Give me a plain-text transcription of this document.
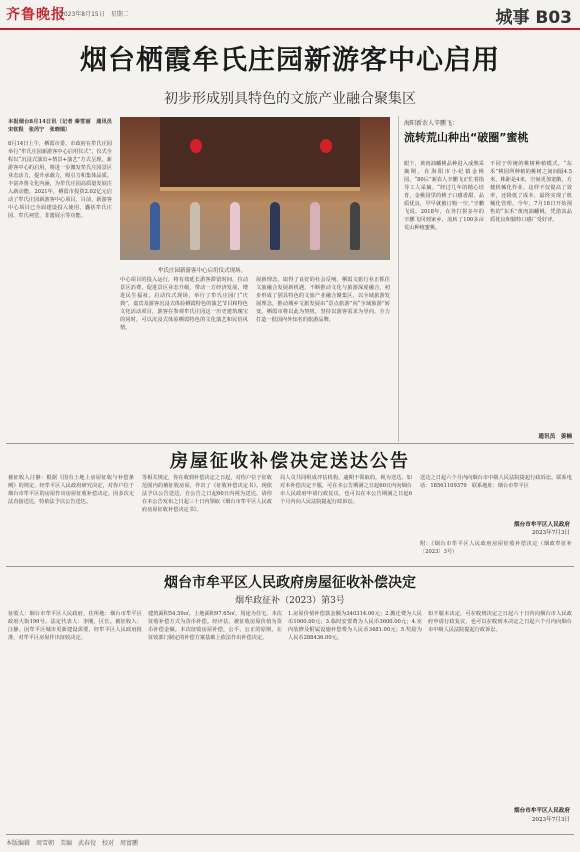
齐鲁晚报
2023年8月15日　星期二	城事 B03
烟台栖霞牟氏庄园新游客中心启用
初步形成别具特色的文旅产业融合聚集区
本报烟台8月14日讯（记者 秦雪丽　通讯员 宋钦程　张芮宁　张晓瑞）
8月14日上午，栖霞市委、市政府在牟氏庄园举行“牟氏庄园新游客中心启用仪式”。仪式全程以“沉浸式演出+情景+演艺”方式呈现，新游客中心的启用，将进一步激发牟氏庄园景区业态活力，提升承载力，吸引力和集体品质。丰富齐鲁文化内涵，为牟氏庄园高质量发展注入新动能。2021年，栖霞市投资2.02亿元启动了牟氏庄园新游客中心项目，目前，新游客中心项目已全面建设投入使用，囊括牟氏庄园、牟氏祠堂、非遗展示等功能。
牟氏庄园新游客中心启用仪式现场。
中心项目的投入运行，将有效延长游客滞留时间，拉动景区消费，促进景区业态升级，带动一方经济发展，增进民生福祉。启动仪式现场，举行了牟氏庄园门“庆典”，嘉宾及游客沉浸式体验栖霞特色的演艺节目和特色文化活动项目，游客在参观牟氏庄园这一历史建筑瑰宝的同时，可以沉浸式体验栖霞特色的文化演艺和民俗风情。
展新理念，取得了良好的社会反响。栖霞文旅行业正抓住文旅融合发展新机遇，不断推动文化与旅游深度融合，初步形成了别具特色的文旅产业融合聚集区，以全域旅游发展理念，推动城乡文旅发展由“景点旅游”向“全域旅游”转变。栖霞市将以此为契机，坚持以游客需求为导向，全力打造一批国内外知名的旅游品牌。
海阳新农人辛鹏飞：
流转荒山种出“破圈”蜜桃
眼下，黄肉油蟠桃品种进入成熟采摘期，在海阳市小纪镇金桃园，“80后”新农人辛鹏飞正忙着指导工人采摘。“经过几年的精心培育，金桃园里的桃子口感香甜、品质优良，早早就被订购一空。”辛鹏飞说。2018年，在外打拼多年的辛鹏飞回到家乡，流转了100多亩荒山种植蜜桃。
不同于传统的桃树种植模式，“东禾”桃园所种植的桃树之间间隔4.5米、株距是4米，空间更加宽敞，方便机械化作业。这样不仅提高了效率，还降低了成本，最终实现了机械化管理。今年，7月18日开始预售的“东禾”黄肉油蟠桃，凭借其品质优良和独特口感广受好评。
通讯员　姜楠
房屋征收补偿决定送达公告
被征收人汪静：根据《国有土地上房屋征收与补偿条例》的规定，经牟平区人民政府研究决定，对你户位于烟台市牟平区的房屋作出房屋征收补偿决定。因多次无法直接送达，特依法予以公告送达。
等相关规定，你在收到补偿决定之日起，对你户位于征收范围内的被征收房屋，作出了《征收补偿决定书》。现依法予以公告送达，自公告之日起60日内视为送达。请你在本公告发布之日起三十日内领取《烟台市牟平区人民政府房屋征收补偿决定书》。
局人员共同组成评估机构，逾期不领取的，视为送达。如对本补偿决定不服，可在本公告期满之日起60日内向烟台市人民政府申请行政复议，也可以在本公告期满之日起6个月内向人民法院提起行政诉讼。
送达之日起六个月内向烟台市中级人民法院提起行政诉讼。联系电话：18561109379　联系地址：烟台市牟平区
烟台市牟平区人民政府
2023年7月3日
附：《烟台市牟平区人民政府房屋征收补偿决定（烟政牟征补〔2023〕3号）
烟台市牟平区人民政府房屋征收补偿决定
烟牟政征补（2023）第3号
征收人：烟台市牟平区人民政府，住所地：烟台市牟平区政府大街199号。法定代表人：李刚，区长。被征收人：汪静。因牟平区城市更新建设需要，经牟平区人民政府批准，对牟平区房屋作出征收决定。
建筑面积54.59㎡，土地面积97.65㎡，用途为住宅。本次征收补偿方式为货币补偿。经评估，被征收房屋价值为货币补偿金额。本次征收房屋补偿，公平、公正的原则，在征收部门制定的补偿方案基础上依法作出补偿决定。
1.房屋价值补偿款金额为340314.00元；2.搬迁费为人民币1000.00元；3.临时安置费为人民币3600.00元；4.室内装修及附属设施补偿费为人民币3481.00元；5.奖励为人民币288436.00元。
如不服本决定，可在收到决定之日起六十日内向烟台市人民政府申请行政复议，也可以在收到本决定之日起六个月内向烟台市中级人民法院提起行政诉讼。
烟台市牟平区人民政府
2023年7月3日
本版编辑　周雪朝　美编　武春佼　校对　周富鹏
